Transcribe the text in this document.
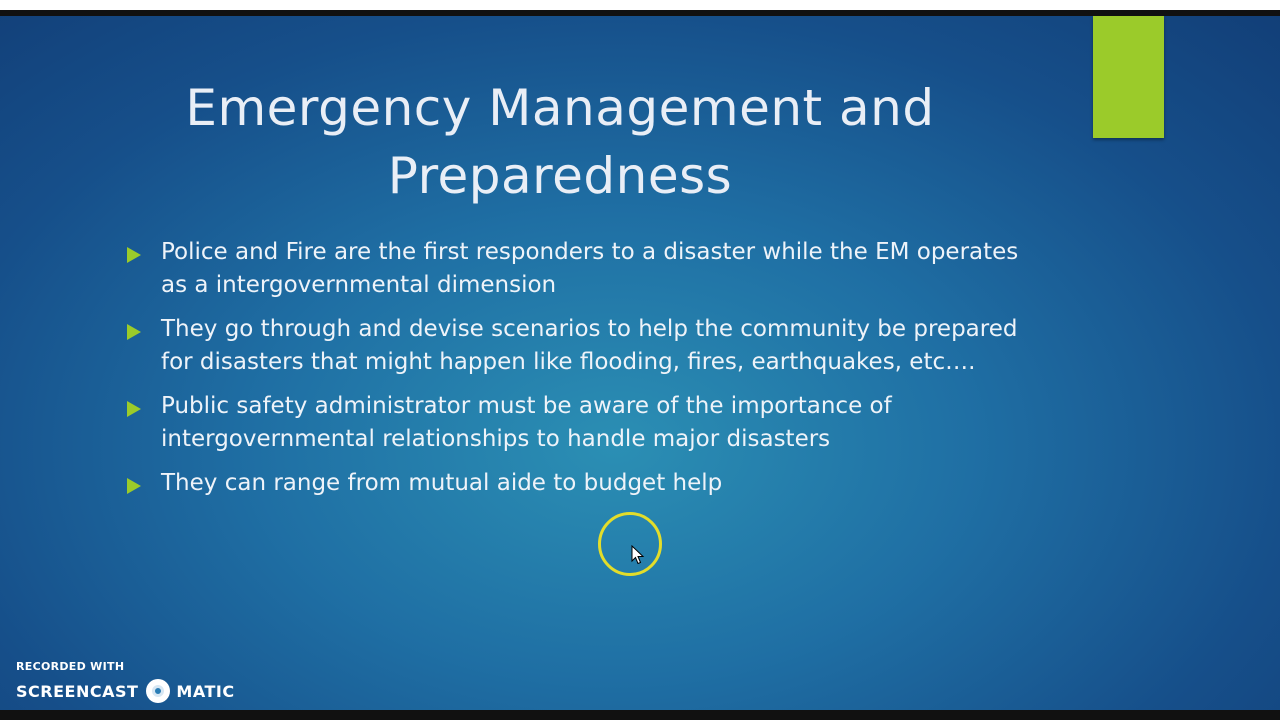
Emergency Management and
Preparedness
Police and Fire are the first responders to a disaster while the EM operates as a intergovernmental dimension
They go through and devise scenarios to help the community be prepared for disasters that might happen like flooding, fires, earthquakes, etc….
Public safety administrator must be aware of the importance of intergovernmental relationships to handle major disasters
They can range from mutual aide to budget help
RECORDED WITH
SCREENCAST MATIC
